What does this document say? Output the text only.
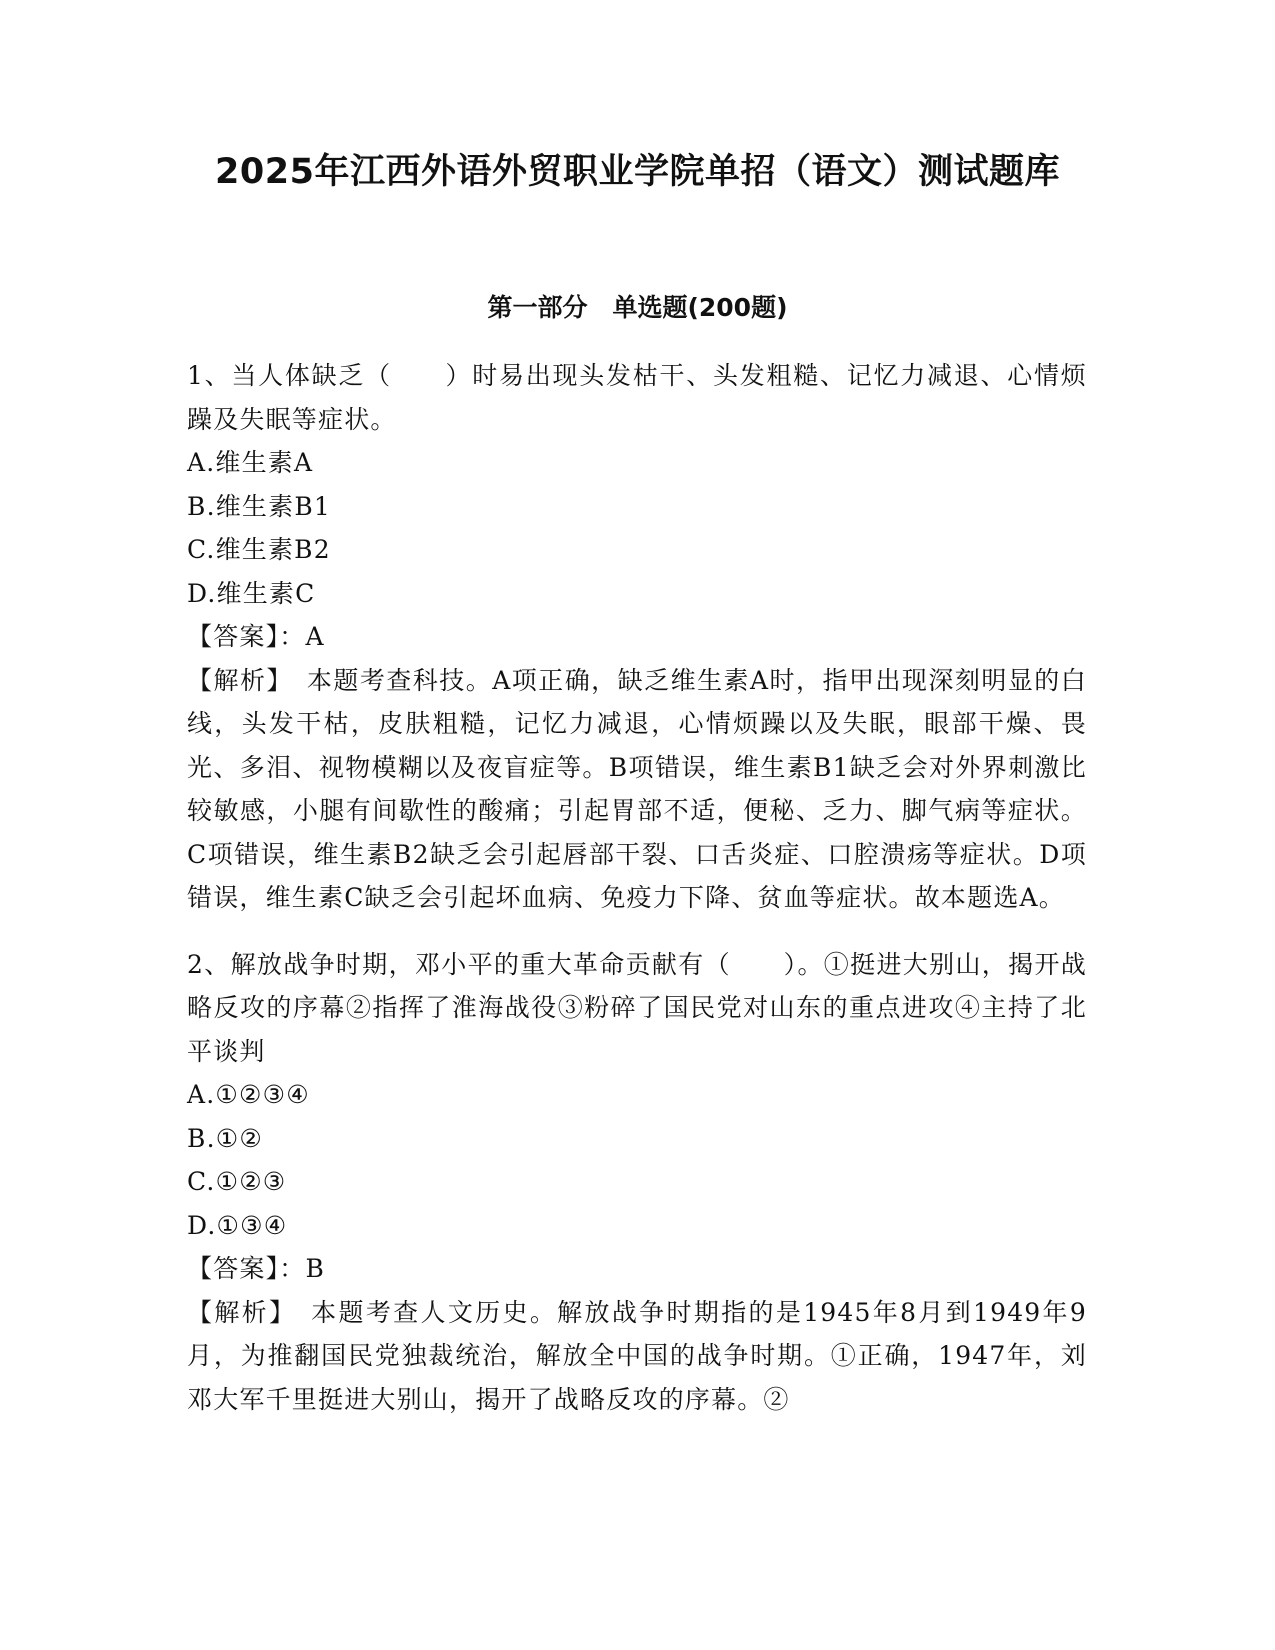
2025年江西外语外贸职业学院单招（语文）测试题库
第一部分　单选题(200题)

1、当人体缺乏（　　）时易出现头发枯干、头发粗糙、记忆力减退、心情烦躁及失眠等症状。

A.维生素A
B.维生素B1
C.维生素B2
D.维生素C
【答案】：A

【解析】　本题考查科技。A项正确，缺乏维生素A时，指甲出现深刻明显的白线，头发干枯，皮肤粗糙，记忆力减退，心情烦躁以及失眠，眼部干燥、畏光、多泪、视物模糊以及夜盲症等。B项错误，维生素B1缺乏会对外界刺激比较敏感，小腿有间歇性的酸痛；引起胃部不适，便秘、乏力、脚气病等症状。C项错误，维生素B2缺乏会引起唇部干裂、口舌炎症、口腔溃疡等症状。D项错误，维生素C缺乏会引起坏血病、免疫力下降、贫血等症状。故本题选A。

2、解放战争时期，邓小平的重大革命贡献有（　　）。①挺进大别山，揭开战略反攻的序幕②指挥了淮海战役③粉碎了国民党对山东的重点进攻④主持了北平谈判

A.①②③④
B.①②
C.①②③
D.①③④
【答案】：B

【解析】　本题考查人文历史。解放战争时期指的是1945年8月到1949年9月，为推翻国民党独裁统治，解放全中国的战争时期。①正确，1947年，刘邓大军千里挺进大别山，揭开了战略反攻的序幕。②
